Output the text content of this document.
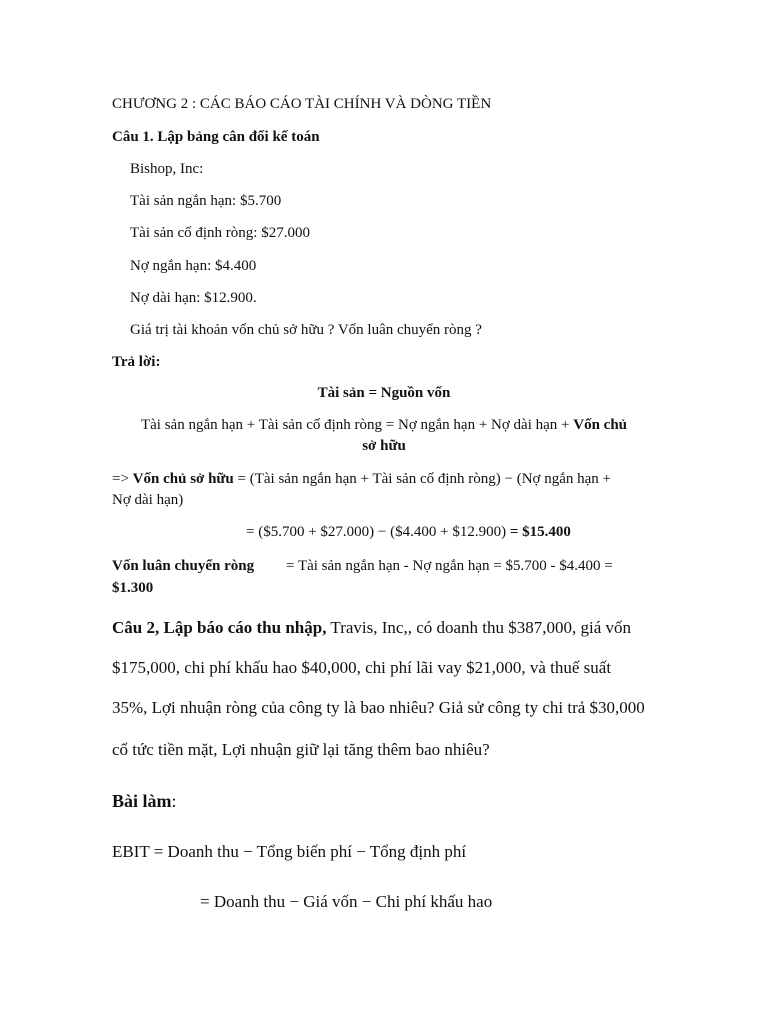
CHƯƠNG 2 : CÁC BÁO CÁO TÀI CHÍNH VÀ DÒNG TIỀN
Câu 1. Lập bảng cân đối kế toán
Bishop, Inc:
Tài sản ngắn hạn: $5.700
Tài sản cố định ròng: $27.000
Nợ ngắn hạn: $4.400
Nợ dài hạn: $12.900.
Giá trị tài khoản vốn chủ sở hữu ? Vốn luân chuyển ròng ?
Trả lời:
Tài sản = Nguồn vốn
Tài sản ngắn hạn + Tài sản cố định ròng = Nợ ngắn hạn + Nợ dài hạn + Vốn chủ
sở hữu
=> Vốn chủ sở hữu = (Tài sản ngắn hạn + Tài sản cố định ròng) − (Nợ ngắn hạn +
Nợ dài hạn)
= ($5.700 + $27.000) − ($4.400 + $12.900) = $15.400
Vốn luân chuyển ròng = Tài sản ngắn hạn - Nợ ngắn hạn = $5.700 - $4.400 =
$1.300
Câu 2, Lập báo cáo thu nhập, Travis, Inc,, có doanh thu $387,000, giá vốn
$175,000, chi phí khấu hao $40,000, chi phí lãi vay $21,000, và thuế suất
35%, Lợi nhuận ròng của công ty là bao nhiêu? Giả sử công ty chi trả $30,000
cổ tức tiền mặt, Lợi nhuận giữ lại tăng thêm bao nhiêu?
Bài làm:
EBIT = Doanh thu − Tổng biến phí − Tổng định phí
= Doanh thu − Giá vốn − Chi phí khấu hao
